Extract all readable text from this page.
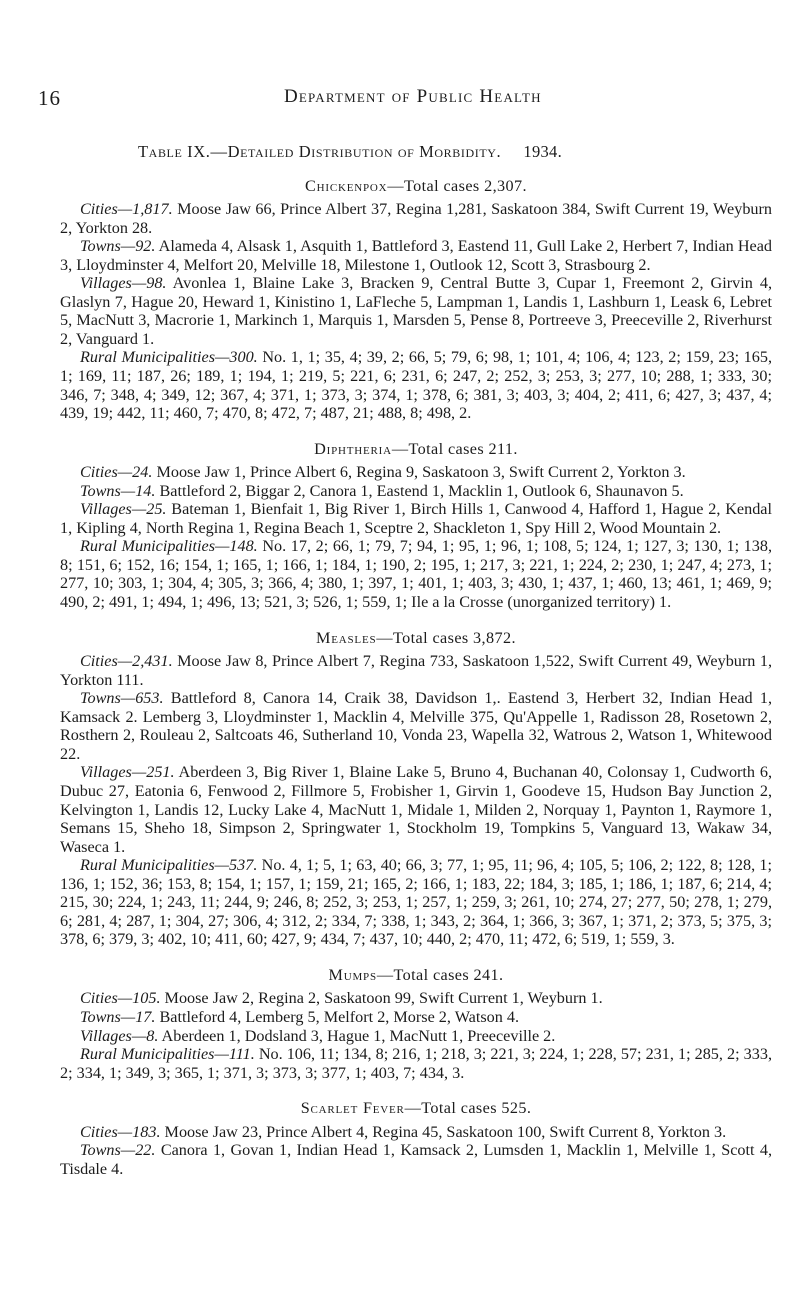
16	Department of Public Health
Table IX.—Detailed Distribution of Morbidity. 1934.
Chickenpox—Total cases 2,307.

Cities—1,817. Moose Jaw 66, Prince Albert 37, Regina 1,281, Saskatoon 384, Swift Current 19, Weyburn 2, Yorkton 28.

Towns—92. Alameda 4, Alsask 1, Asquith 1, Battleford 3, Eastend 11, Gull Lake 2, Herbert 7, Indian Head 3, Lloydminster 4, Melfort 20, Melville 18, Milestone 1, Outlook 12, Scott 3, Strasbourg 2.

Villages—98. Avonlea 1, Blaine Lake 3, Bracken 9, Central Butte 3, Cupar 1, Freemont 2, Girvin 4, Glaslyn 7, Hague 20, Heward 1, Kinistino 1, LaFleche 5, Lampman 1, Landis 1, Lashburn 1, Leask 6, Lebret 5, MacNutt 3, Macrorie 1, Markinch 1, Marquis 1, Marsden 5, Pense 8, Portreeve 3, Preeceville 2, Riverhurst 2, Vanguard 1.

Rural Municipalities—300. No. 1, 1; 35, 4; 39, 2; 66, 5; 79, 6; 98, 1; 101, 4; 106, 4; 123, 2; 159, 23; 165, 1; 169, 11; 187, 26; 189, 1; 194, 1; 219, 5; 221, 6; 231, 6; 247, 2; 252, 3; 253, 3; 277, 10; 288, 1; 333, 30; 346, 7; 348, 4; 349, 12; 367, 4; 371, 1; 373, 3; 374, 1; 378, 6; 381, 3; 403, 3; 404, 2; 411, 6; 427, 3; 437, 4; 439, 19; 442, 11; 460, 7; 470, 8; 472, 7; 487, 21; 488, 8; 498, 2.

Diphtheria—Total cases 211.

Cities—24. Moose Jaw 1, Prince Albert 6, Regina 9, Saskatoon 3, Swift Current 2, Yorkton 3.

Towns—14. Battleford 2, Biggar 2, Canora 1, Eastend 1, Macklin 1, Outlook 6, Shaunavon 5.

Villages—25. Bateman 1, Bienfait 1, Big River 1, Birch Hills 1, Canwood 4, Hafford 1, Hague 2, Kendal 1, Kipling 4, North Regina 1, Regina Beach 1, Sceptre 2, Shackleton 1, Spy Hill 2, Wood Mountain 2.

Rural Municipalities—148. No. 17, 2; 66, 1; 79, 7; 94, 1; 95, 1; 96, 1; 108, 5; 124, 1; 127, 3; 130, 1; 138, 8; 151, 6; 152, 16; 154, 1; 165, 1; 166, 1; 184, 1; 190, 2; 195, 1; 217, 3; 221, 1; 224, 2; 230, 1; 247, 4; 273, 1; 277, 10; 303, 1; 304, 4; 305, 3; 366, 4; 380, 1; 397, 1; 401, 1; 403, 3; 430, 1; 437, 1; 460, 13; 461, 1; 469, 9; 490, 2; 491, 1; 494, 1; 496, 13; 521, 3; 526, 1; 559, 1; Ile a la Crosse (unorganized territory) 1.

Measles—Total cases 3,872.

Cities—2,431. Moose Jaw 8, Prince Albert 7, Regina 733, Saskatoon 1,522, Swift Current 49, Weyburn 1, Yorkton 111.

Towns—653. Battleford 8, Canora 14, Craik 38, Davidson 1,. Eastend 3, Herbert 32, Indian Head 1, Kamsack 2. Lemberg 3, Lloydminster 1, Macklin 4, Melville 375, Qu'Appelle 1, Radisson 28, Rosetown 2, Rosthern 2, Rouleau 2, Saltcoats 46, Sutherland 10, Vonda 23, Wapella 32, Watrous 2, Watson 1, Whitewood 22.

Villages—251. Aberdeen 3, Big River 1, Blaine Lake 5, Bruno 4, Buchanan 40, Colonsay 1, Cudworth 6, Dubuc 27, Eatonia 6, Fenwood 2, Fillmore 5, Frobisher 1, Girvin 1, Goodeve 15, Hudson Bay Junction 2, Kelvington 1, Landis 12, Lucky Lake 4, MacNutt 1, Midale 1, Milden 2, Norquay 1, Paynton 1, Raymore 1, Semans 15, Sheho 18, Simpson 2, Springwater 1, Stockholm 19, Tompkins 5, Vanguard 13, Wakaw 34, Waseca 1.

Rural Municipalities—537. No. 4, 1; 5, 1; 63, 40; 66, 3; 77, 1; 95, 11; 96, 4; 105, 5; 106, 2; 122, 8; 128, 1; 136, 1; 152, 36; 153, 8; 154, 1; 157, 1; 159, 21; 165, 2; 166, 1; 183, 22; 184, 3; 185, 1; 186, 1; 187, 6; 214, 4; 215, 30; 224, 1; 243, 11; 244, 9; 246, 8; 252, 3; 253, 1; 257, 1; 259, 3; 261, 10; 274, 27; 277, 50; 278, 1; 279, 6; 281, 4; 287, 1; 304, 27; 306, 4; 312, 2; 334, 7; 338, 1; 343, 2; 364, 1; 366, 3; 367, 1; 371, 2; 373, 5; 375, 3; 378, 6; 379, 3; 402, 10; 411, 60; 427, 9; 434, 7; 437, 10; 440, 2; 470, 11; 472, 6; 519, 1; 559, 3.

Mumps—Total cases 241.

Cities—105. Moose Jaw 2, Regina 2, Saskatoon 99, Swift Current 1, Weyburn 1.

Towns—17. Battleford 4, Lemberg 5, Melfort 2, Morse 2, Watson 4.

Villages—8. Aberdeen 1, Dodsland 3, Hague 1, MacNutt 1, Preeceville 2.

Rural Municipalities—111. No. 106, 11; 134, 8; 216, 1; 218, 3; 221, 3; 224, 1; 228, 57; 231, 1; 285, 2; 333, 2; 334, 1; 349, 3; 365, 1; 371, 3; 373, 3; 377, 1; 403, 7; 434, 3.

Scarlet Fever—Total cases 525.

Cities—183. Moose Jaw 23, Prince Albert 4, Regina 45, Saskatoon 100, Swift Current 8, Yorkton 3.

Towns—22. Canora 1, Govan 1, Indian Head 1, Kamsack 2, Lumsden 1, Macklin 1, Melville 1, Scott 4, Tisdale 4.
